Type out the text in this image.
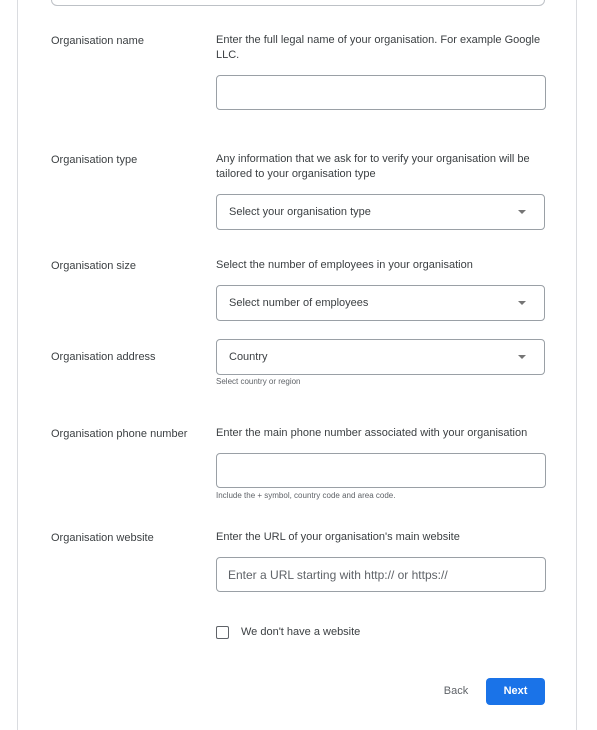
Organisation name	Enter the full legal name of your organisation. For example Google LLC.
Organisation type	Any information that we ask for to verify your organisation will be tailored to your organisation type
Select your organisation type
Organisation size	Select the number of employees in your organisation
Select number of employees
Organisation address	Country
Select country or region
Organisation phone number	Enter the main phone number associated with your organisation
Include the + symbol, country code and area code.
Organisation website	Enter the URL of your organisation's main website
Enter a URL starting with http:// or https://
We don't have a website
Back	Next
